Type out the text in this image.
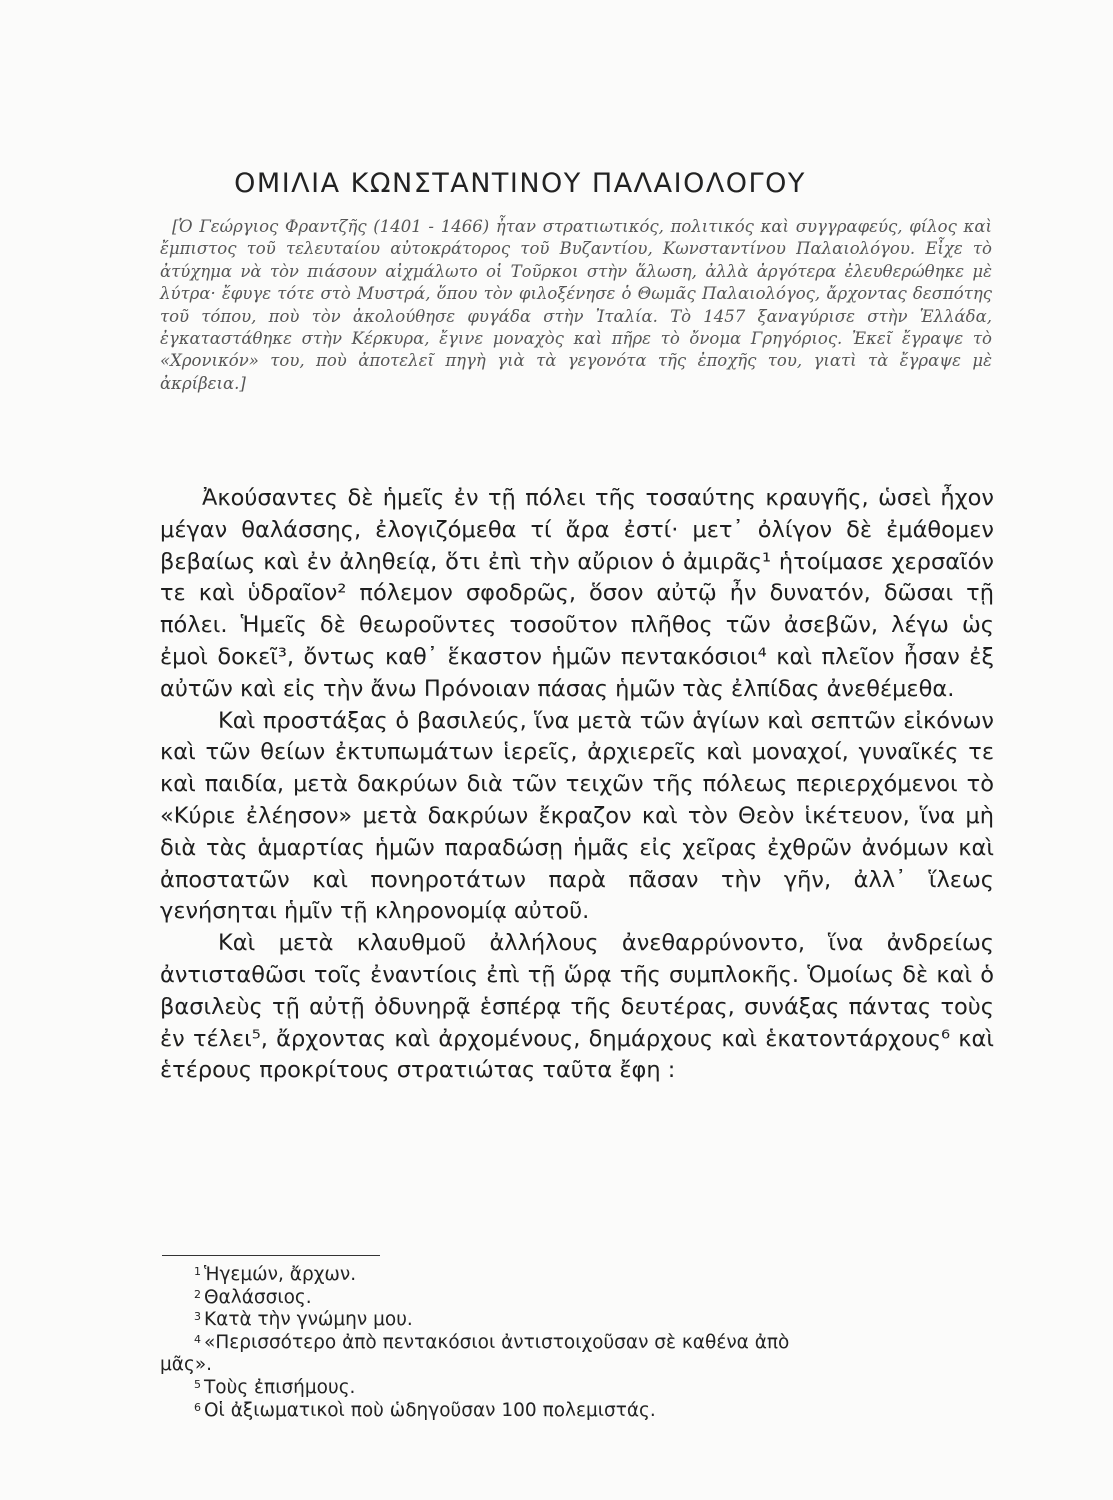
ΟΜΙΛΙΑ ΚΩΝΣΤΑΝΤΙΝΟΥ ΠΑΛΑΙΟΛΟΓΟΥ

[Ὁ Γεώργιος Φραντζῆς (1401 - 1466) ἦταν στρατιωτικός, πολιτικός καὶ συγγραφεύς, φίλος καὶ ἔμπιστος τοῦ τελευταίου αὐτοκράτορος τοῦ Βυζαντίου, Κωνσταντίνου Παλαιολόγου. Εἶχε τὸ ἀτύχημα νὰ τὸν πιάσουν αἰχμάλωτο οἱ Τοῦρκοι στὴν ἅλωση, ἀλλὰ ἀργότερα ἐλευθερώθηκε μὲ λύτρα· ἔφυγε τότε στὸ Μυστρά, ὅπου τὸν φιλοξένησε ὁ Θωμᾶς Παλαιολόγος, ἄρχοντας δεσπότης τοῦ τόπου, ποὺ τὸν ἀκολούθησε φυγάδα στὴν Ἰταλία. Τὸ 1457 ξαναγύρισε στὴν Ἑλλάδα, ἐγκαταστάθηκε στὴν Κέρκυρα, ἔγινε μοναχὸς καὶ πῆρε τὸ ὄνομα Γρηγόριος. Ἐκεῖ ἔγραψε τὸ «Χρονικόν» του, ποὺ ἀποτελεῖ πηγὴ γιὰ τὰ γεγονότα τῆς ἐποχῆς του, γιατὶ τὰ ἔγραψε μὲ ἀκρίβεια.]

Ἀκούσαντες δὲ ἡμεῖς ἐν τῇ πόλει τῆς τοσαύτης κραυγῆς, ὡσεὶ ἦχον μέγαν θαλάσσης, ἐλογιζόμεθα τί ἄρα ἐστί· μετ᾽ ὀλίγον δὲ ἐμάθομεν βεβαίως καὶ ἐν ἀληθείᾳ, ὅτι ἐπὶ τὴν αὔριον ὁ ἀμιρᾶς¹ ἡτοίμασε χερσαῖόν τε καὶ ὑδραῖον² πόλεμον σφοδρῶς, ὅσον αὐτῷ ἦν δυνατόν, δῶσαι τῇ πόλει. Ἡμεῖς δὲ θεωροῦντες τοσοῦτον πλῆθος τῶν ἀσεβῶν, λέγω ὡς ἐμοὶ δοκεῖ³, ὄντως καθ᾽ ἕκαστον ἡμῶν πεντακόσιοι⁴ καὶ πλεῖον ἦσαν ἐξ αὐτῶν καὶ εἰς τὴν ἄνω Πρόνοιαν πάσας ἡμῶν τὰς ἐλπίδας ἀνεθέμεθα.

Καὶ προστάξας ὁ βασιλεύς, ἵνα μετὰ τῶν ἁγίων καὶ σεπτῶν εἰκόνων καὶ τῶν θείων ἐκτυπωμάτων ἱερεῖς, ἀρχιερεῖς καὶ μοναχοί, γυναῖκές τε καὶ παιδία, μετὰ δακρύων διὰ τῶν τειχῶν τῆς πόλεως περιερχόμενοι τὸ «Κύριε ἐλέησον» μετὰ δακρύων ἔκραζον καὶ τὸν Θεὸν ἱκέτευον, ἵνα μὴ διὰ τὰς ἁμαρτίας ἡμῶν παραδώσῃ ἡμᾶς εἰς χεῖρας ἐχθρῶν ἀνόμων καὶ ἀποστατῶν καὶ πονηροτάτων παρὰ πᾶσαν τὴν γῆν, ἀλλ᾽ ἵλεως γενήσηται ἡμῖν τῇ κληρονομίᾳ αὐτοῦ.

Καὶ μετὰ κλαυθμοῦ ἀλλήλους ἀνεθαρρύνοντο, ἵνα ἀνδρείως ἀντισταθῶσι τοῖς ἐναντίοις ἐπὶ τῇ ὥρᾳ τῆς συμπλοκῆς. Ὁμοίως δὲ καὶ ὁ βασιλεὺς τῇ αὐτῇ ὀδυνηρᾷ ἑσπέρᾳ τῆς δευτέρας, συνάξας πάντας τοὺς ἐν τέλει⁵, ἄρχοντας καὶ ἀρχομένους, δημάρχους καὶ ἑκατοντάρχους⁶ καὶ ἑτέρους προκρίτους στρατιώτας ταῦτα ἔφη :

1 Ἡγεμών, ἄρχων.

2 Θαλάσσιος.

3 Κατὰ τὴν γνώμην μου.

4 «Περισσότερο ἀπὸ πεντακόσιοι ἀντιστοιχοῦσαν σὲ καθένα ἀπὸ
μᾶς».

5 Τοὺς ἐπισήμους.

6 Οἱ ἀξιωματικοὶ ποὺ ὡδηγοῦσαν 100 πολεμιστάς.
